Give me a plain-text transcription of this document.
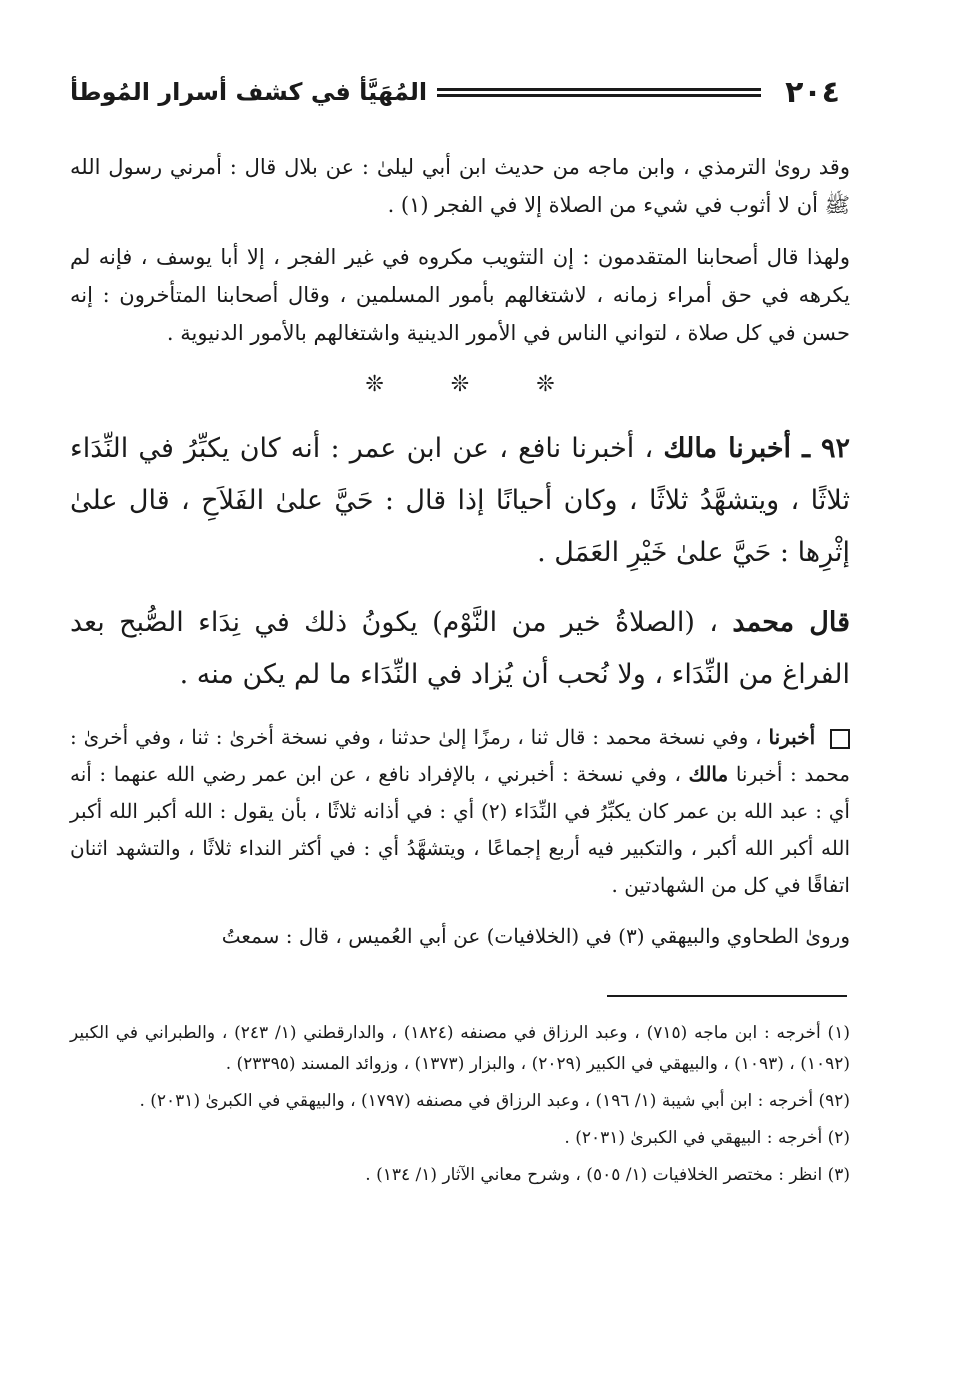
٢٠٤
المُهَيَّأ في كشف أسرار المُوطأ

وقد روىٰ الترمذي ، وابن ماجه من حديث ابن أبي ليلىٰ : عن بلال قال : أمرني رسول الله ﷺ أن لا أثوب في شيء من الصلاة إلا في الفجر (١) .

ولهذا قال أصحابنا المتقدمون : إن التثويب مكروه في غير الفجر ، إلا أبا يوسف ، فإنه لم يكرهه في حق أمراء زمانه ، لاشتغالهم بأمور المسلمين ، وقال أصحابنا المتأخرون : إنه حسن في كل صلاة ، لتواني الناس في الأمور الدينية واشتغالهم بالأمور الدنيوية .

❊	❊	❊

٩٢ ـ أخبرنا مالك ، أخبرنا نافع ، عن ابن عمر : أنه كان يكبِّرُ في النِّدَاء ثلاثًا ، ويتشهَّدُ ثلاثًا ، وكان أحيانًا إذا قال : حَيَّ علىٰ الفَلاَحِ ، قال علىٰ إثْرِها : حَيَّ علىٰ خَيْرِ العَمَل .

قال محمد ، (الصلاةُ خير من النَّوْم) يكونُ ذلك في نِدَاء الصُّبح بعد الفراغ من النِّدَاء ، ولا نُحب أن يُزاد في النِّدَاء ما لم يكن منه .

أخبرنا ، وفي نسخة محمد : قال ثنا ، رمزًا إلىٰ حدثنا ، وفي نسخة أخرىٰ : ثنا ، وفي أخرىٰ : محمد : أخبرنا مالك ، وفي نسخة : أخبرني ، بالإفراد نافع ، عن ابن عمر رضي الله عنهما : أنه أي : عبد الله بن عمر كان يكبِّرُ في النِّدَاء (٢) أي : في أذانه ثلاثًا ، بأن يقول : الله أكبر الله أكبر الله أكبر الله أكبر ، والتكبير فيه أربع إجماعًا ، ويتشهَّدُ أي : في أكثر النداء ثلاثًا ، والتشهد اثنان اتفاقًا في كل من الشهادتين .

وروىٰ الطحاوي والبيهقي (٣) في (الخلافيات) عن أبي العُميس ، قال : سمعتُ

(١) أخرجه : ابن ماجه (٧١٥) ، وعبد الرزاق في مصنفه (١٨٢٤) ، والدارقطني (١/ ٢٤٣) ، والطبراني في الكبير (١٠٩٢) ، (١٠٩٣) ، والبيهقي في الكبير (٢٠٢٩) ، والبزار (١٣٧٣) ، وزوائد المسند (٢٣٣٩٥) .

(٩٢) أخرجه : ابن أبي شيبة (١/ ١٩٦) ، وعبد الرزاق في مصنفه (١٧٩٧) ، والبيهقي في الكبرىٰ (٢٠٣١) .

(٢) أخرجه : البيهقي في الكبرىٰ (٢٠٣١) .

(٣) انظر : مختصر الخلافيات (١/ ٥٠٥) ، وشرح معاني الآثار (١/ ١٣٤) .
